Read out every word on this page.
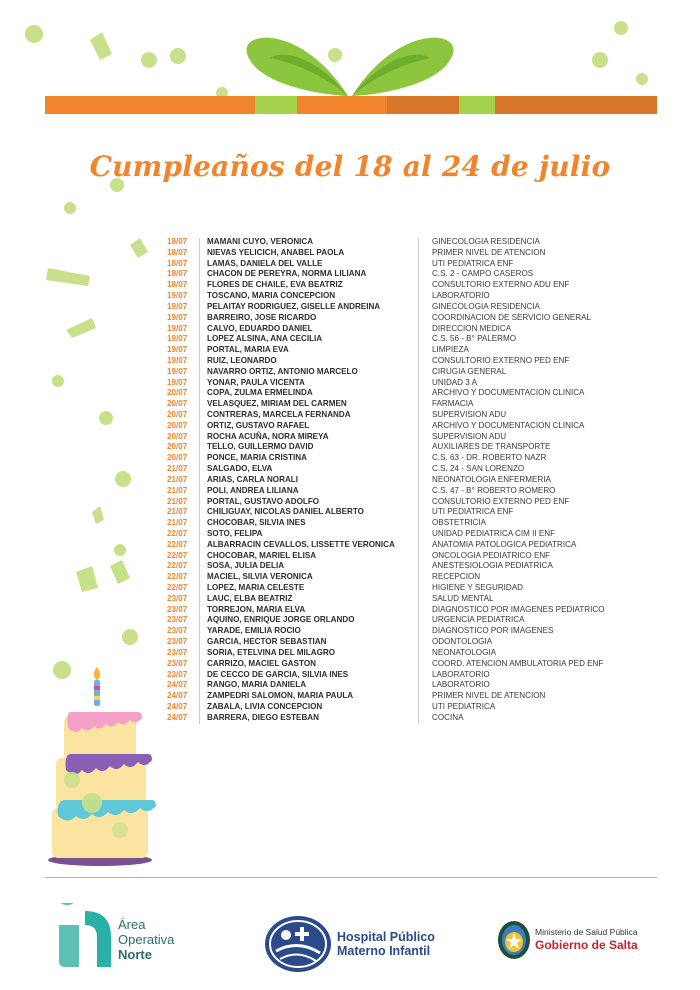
Cumpleaños del 18 al 24 de julio
18/07	MAMANI CUYO, VERONICA	GINECOLOGIA RESIDENCIA
18/07	NIEVAS YELICICH, ANABEL PAOLA	PRIMER NIVEL DE ATENCION
18/07	LAMAS, DANIELA DEL VALLE	UTI PEDIATRICA ENF
18/07	CHACON DE PEREYRA, NORMA LILIANA	C.S. 2 - CAMPO CASEROS
18/07	FLORES DE CHAILE, EVA BEATRIZ	CONSULTORIO EXTERNO ADU ENF
19/07	TOSCANO, MARIA CONCEPCION	LABORATORIO
19/07	PELAITAY RODRIGUEZ, GISELLE ANDREINA	GINECOLOGIA RESIDENCIA
19/07	BARREIRO, JOSE RICARDO	COORDINACION DE SERVICIO GENERAL
19/07	CALVO, EDUARDO DANIEL	DIRECCION MEDICA
19/07	LOPEZ ALSINA, ANA CECILIA	C.S. 56 - B° PALERMO
19/07	PORTAL, MARIA EVA	LIMPIEZA
19/07	RUIZ, LEONARDO	CONSULTORIO EXTERNO PED ENF
19/07	NAVARRO ORTIZ, ANTONIO MARCELO	CIRUGIA GENERAL
19/07	YONAR, PAULA VICENTA	UNIDAD 3 A
20/07	COPA, ZULMA ERMELINDA	ARCHIVO Y DOCUMENTACION CLINICA
20/07	VELASQUEZ, MIRIAM DEL CARMEN	FARMACIA
20/07	CONTRERAS, MARCELA FERNANDA	SUPERVISION ADU
20/07	ORTIZ, GUSTAVO RAFAEL	ARCHIVO Y DOCUMENTACION CLINICA
20/07	ROCHA ACUÑA, NORA MIREYA	SUPERVISION ADU
20/07	TELLO, GUILLERMO DAVID	AUXILIARES DE TRANSPORTE
20/07	PONCE, MARIA CRISTINA	C.S. 63 - DR. ROBERTO NAZR
21/07	SALGADO, ELVA	C.S. 24 - SAN LORENZO
21/07	ARIAS, CARLA NORALI	NEONATOLOGIA ENFERMERIA
21/07	POLI, ANDREA LILIANA	C.S. 47 - B° ROBERTO ROMERO
21/07	PORTAL, GUSTAVO ADOLFO	CONSULTORIO EXTERNO PED ENF
21/07	CHILIGUAY, NICOLAS DANIEL ALBERTO	UTI PEDIATRICA ENF
21/07	CHOCOBAR, SILVIA INES	OBSTETRICIA
22/07	SOTO, FELIPA	UNIDAD PEDIATRICA CIM II ENF
22/07	ALBARRACIN CEVALLOS, LISSETTE VERONICA	ANATOMIA PATOLOGICA PEDIATRICA
22/07	CHOCOBAR, MARIEL ELISA	ONCOLOGIA PEDIATRICO ENF
22/07	SOSA, JULIA DELIA	ANESTESIOLOGIA PEDIATRICA
22/07	MACIEL, SILVIA VERONICA	RECEPCION
22/07	LOPEZ, MARIA CELESTE	HIGIENE Y SEGURIDAD
23/07	LAUC, ELBA BEATRIZ	SALUD MENTAL
23/07	TORREJON, MARIA ELVA	DIAGNOSTICO POR IMAGENES PEDIATRICO
23/07	AQUINO, ENRIQUE JORGE ORLANDO	URGENCIA PEDIATRICA
23/07	YARADE, EMILIA ROCIO	DIAGNOSTICO POR IMAGENES
23/07	GARCIA, HECTOR SEBASTIAN	ODONTOLOGIA
23/07	SORIA, ETELVINA DEL MILAGRO	NEONATOLOGIA
23/07	CARRIZO, MACIEL GASTON	COORD. ATENCION AMBULATORIA PED ENF
23/07	DE CECCO DE GARCIA, SILVIA INES	LABORATORIO
24/07	RANGO, MARIA DANIELA	LABORATORIO
24/07	ZAMPEDRI SALOMON, MARIA PAULA	PRIMER NIVEL DE ATENCION
24/07	ZABALA, LIVIA CONCEPCION	UTI PEDIATRICA
24/07	BARRERA, DIEGO ESTEBAN	COCINA
Área
Operativa
Norte
Hospital Público
Materno Infantil
Ministerio de Salud Pública
Gobierno de Salta
